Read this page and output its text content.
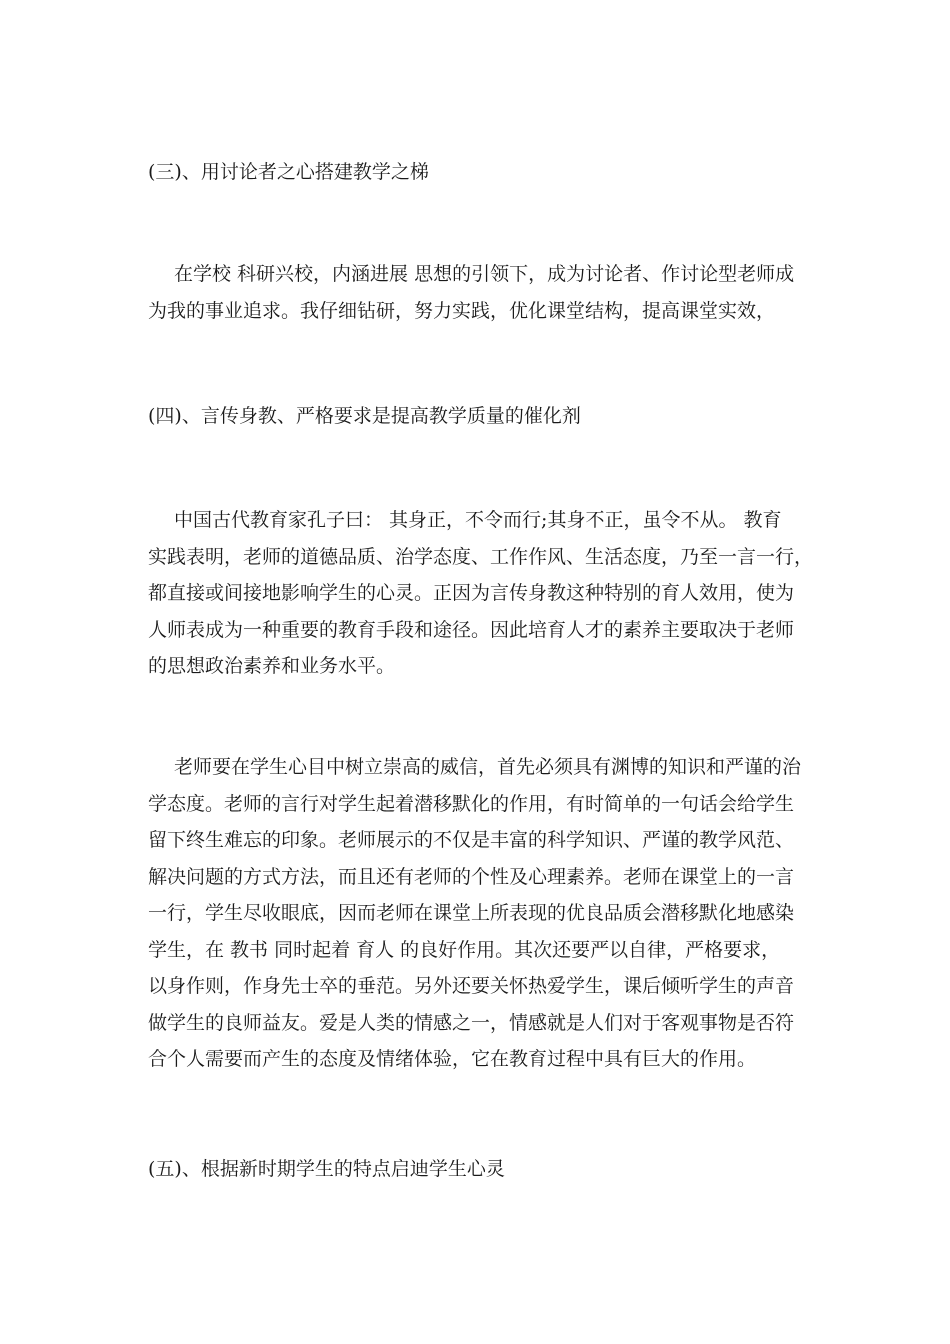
(三)、用讨论者之心搭建教学之梯
在学校 科研兴校，内涵进展 思想的引领下，成为讨论者、作讨论型老师成
为我的事业追求。我仔细钻研，努力实践，优化课堂结构，提高课堂实效，
(四)、言传身教、严格要求是提高教学质量的催化剂
中国古代教育家孔子曰： 其身正，不令而行;其身不正，虽令不从。 教育
实践表明，老师的道德品质、治学态度、工作作风、生活态度，乃至一言一行，
都直接或间接地影响学生的心灵。正因为言传身教这种特别的育人效用，使为
人师表成为一种重要的教育手段和途径。因此培育人才的素养主要取决于老师
的思想政治素养和业务水平。
老师要在学生心目中树立崇高的威信，首先必须具有渊博的知识和严谨的治
学态度。老师的言行对学生起着潜移默化的作用，有时简单的一句话会给学生
留下终生难忘的印象。老师展示的不仅是丰富的科学知识、严谨的教学风范、
解决问题的方式方法，而且还有老师的个性及心理素养。老师在课堂上的一言
一行，学生尽收眼底，因而老师在课堂上所表现的优良品质会潜移默化地感染
学生，在 教书 同时起着 育人 的良好作用。其次还要严以自律，严格要求，
以身作则，作身先士卒的垂范。另外还要关怀热爱学生，课后倾听学生的声音
做学生的良师益友。爱是人类的情感之一，情感就是人们对于客观事物是否符
合个人需要而产生的态度及情绪体验，它在教育过程中具有巨大的作用。
(五)、根据新时期学生的特点启迪学生心灵
